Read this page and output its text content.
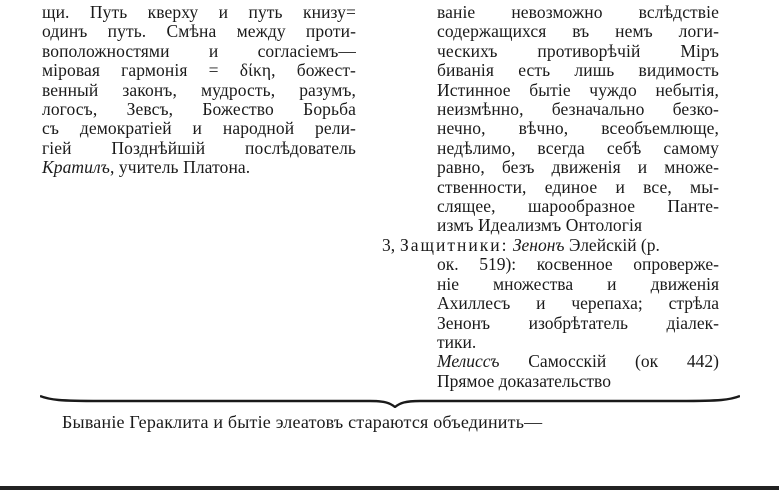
щи. Путь кверху и путь книзу=
одинъ путь. Смѣна между проти-
воположностями и согласіемъ—
міровая гармонія = δίκη, божест-
венный законъ, мудрость, разумъ,
логосъ, Зевсъ, Божество Борьба
съ демократіей и народной рели-
гіей Позднѣйшій послѣдователь
Кратилъ, учитель Платона.
ваніе невозможно вслѣдствіе
содержащихся въ немъ логи-
ческихъ противорѣчій Міръ
биванія есть лишь видимость
Истинное бытіе чуждо небытія,
неизмѣнно, безначально безко-
нечно, вѣчно, всеобъемлюще,
недѣлимо, всегда себѣ самому
равно, безъ движенія и множе-
ственности, единое и все, мы-
слящее, шарообразное Пантe-
измъ Идеализмъ Онтологія
3, Защитники: Зенонъ Элейскій (р.
ок. 519): косвенное опроверже-
ніе множества и движенія
Ахиллесъ и черепаха; стрѣла
Зенонъ изобрѣтатель діалек-
тики.
Мелиссъ Самосскій (ок 442)
Прямое доказательство
Бываніе Гераклита и бытіе элеатовъ стараются объединить—
